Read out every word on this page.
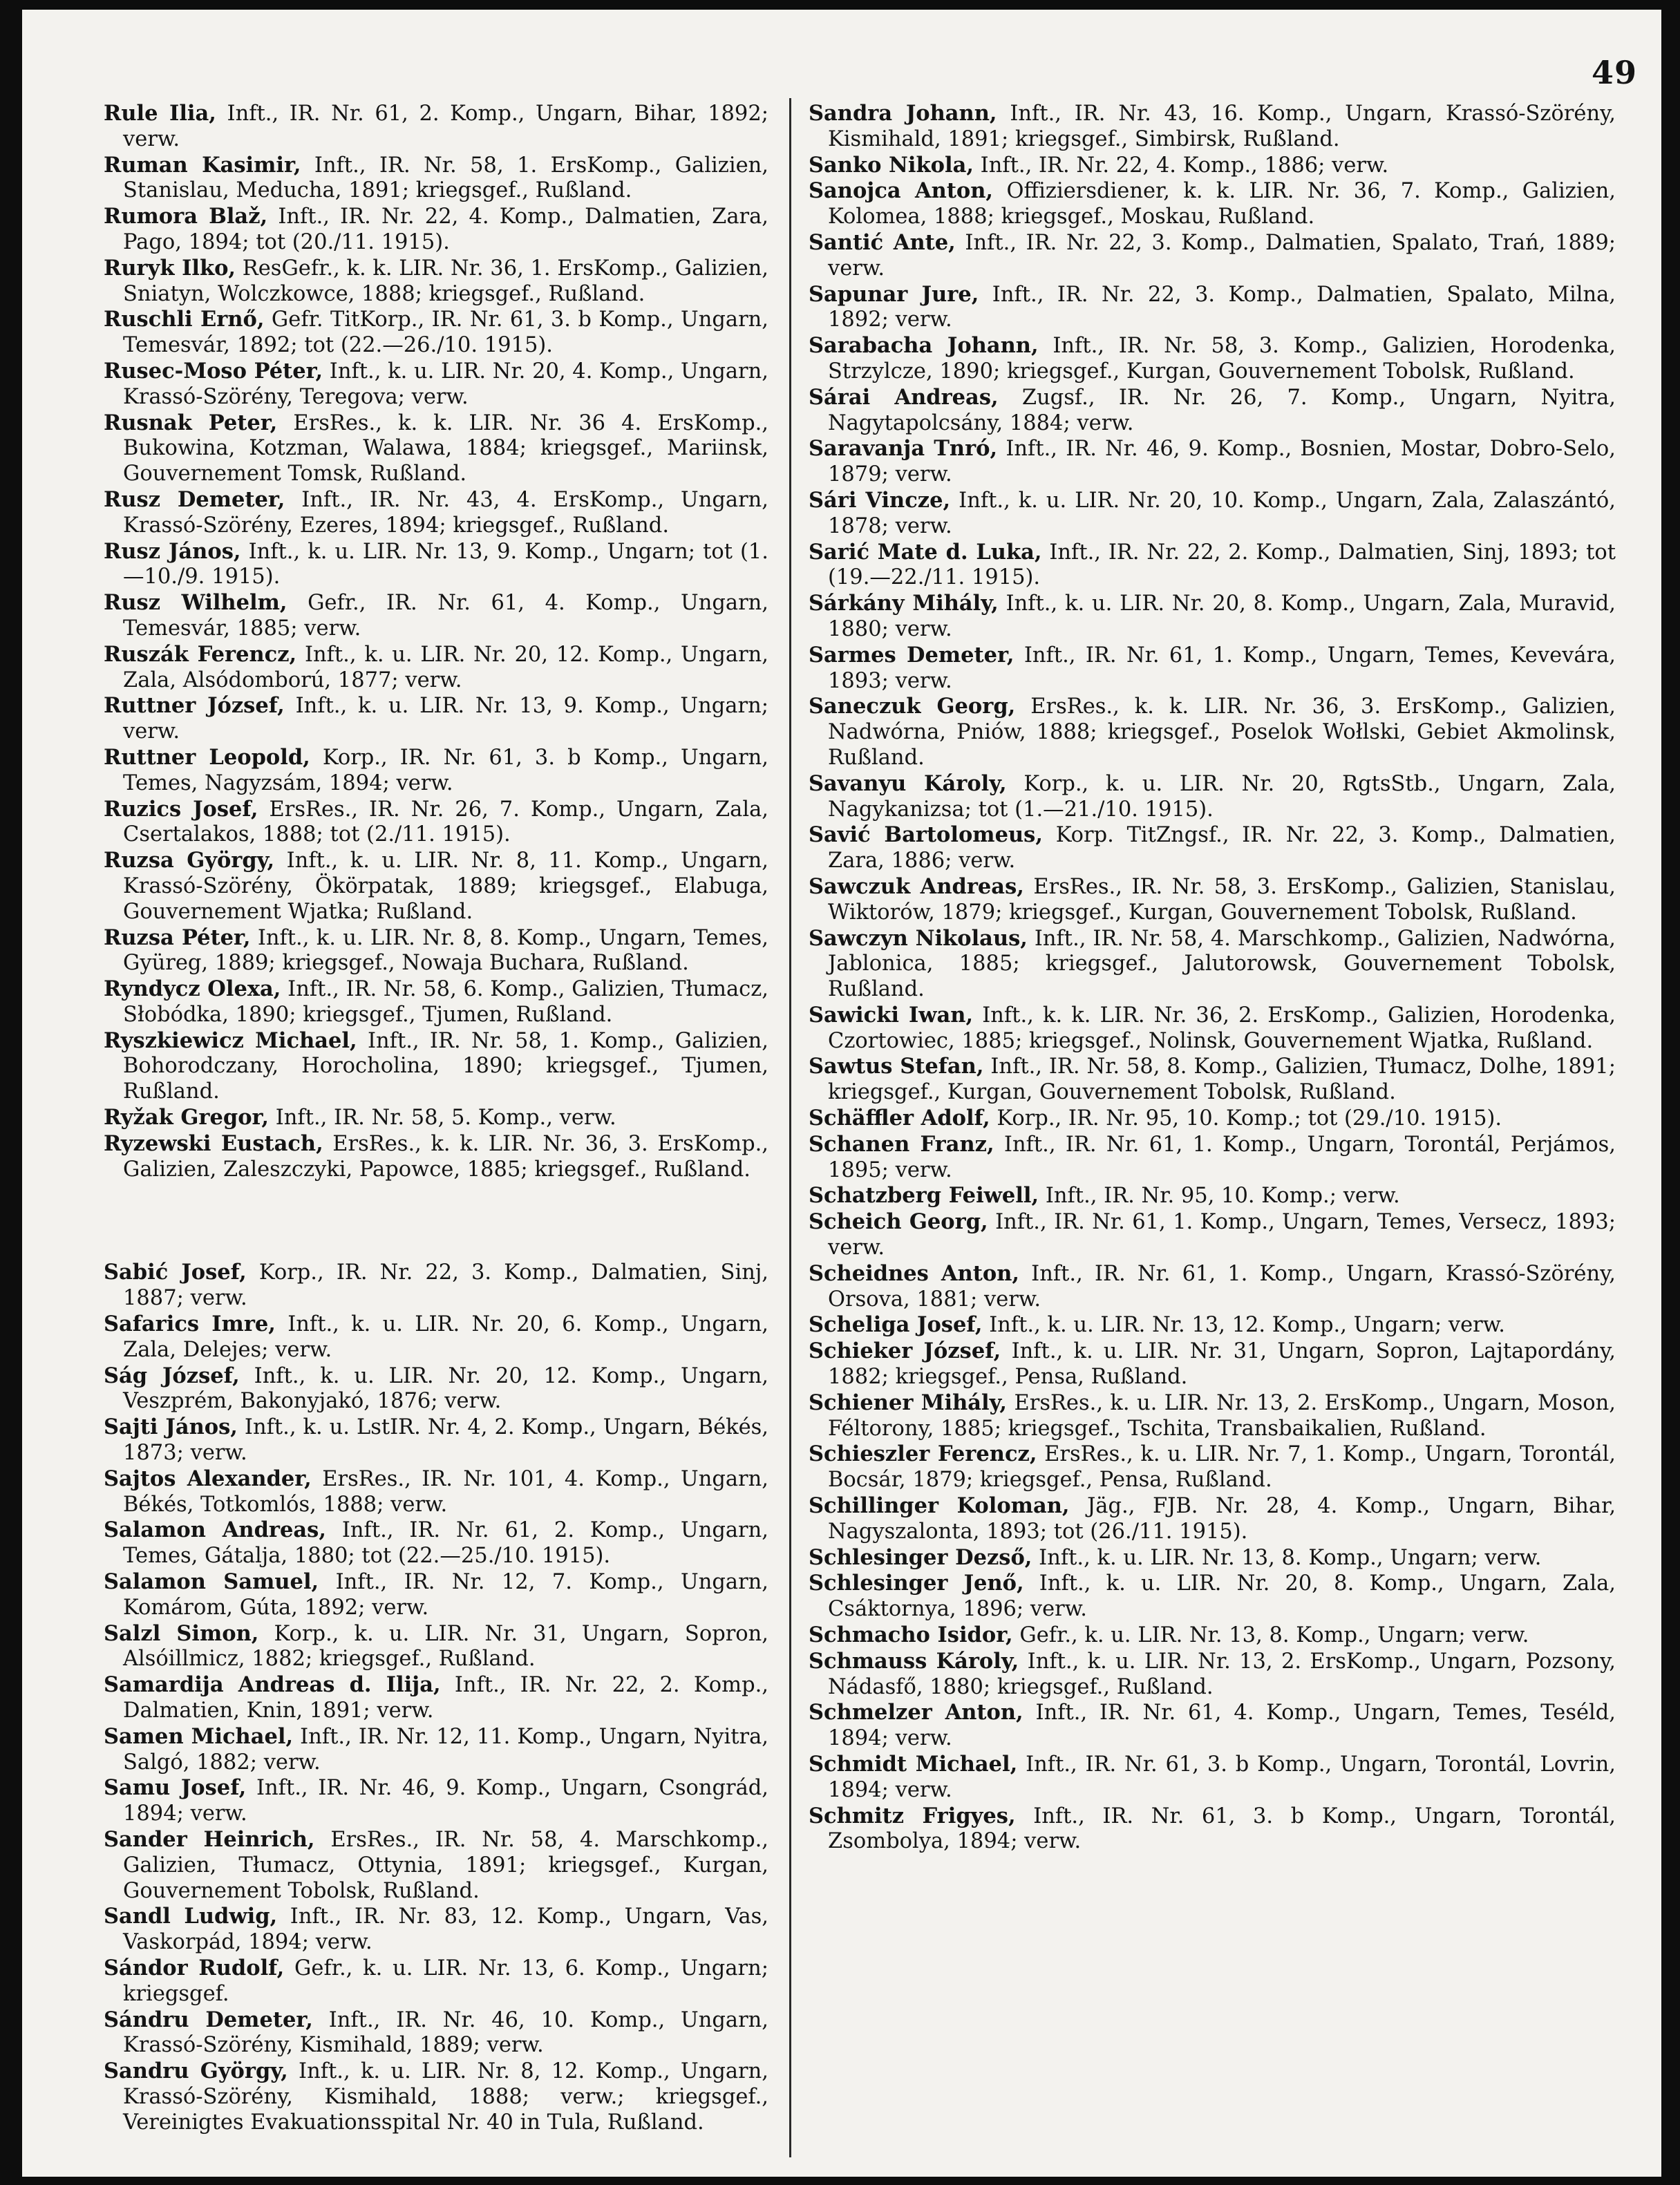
49

Rule Ilia, Inft., IR. Nr. 61, 2. Komp., Ungarn, Bihar, 1892; verw.

Ruman Kasimir, Inft., IR. Nr. 58, 1. ErsKomp., Galizien, Stanislau, Meducha, 1891; kriegsgef., Rußland.

Rumora Blaž, Inft., IR. Nr. 22, 4. Komp., Dalmatien, Zara, Pago, 1894; tot (20./11. 1915).

Ruryk Ilko, ResGefr., k. k. LIR. Nr. 36, 1. ErsKomp., Galizien, Sniatyn, Wolczkowce, 1888; kriegsgef., Rußland.

Ruschli Ernő, Gefr. TitKorp., IR. Nr. 61, 3. b Komp., Ungarn, Temesvár, 1892; tot (22.—26./10. 1915).

Rusec-Moso Péter, Inft., k. u. LIR. Nr. 20, 4. Komp., Ungarn, Krassó-Szörény, Teregova; verw.

Rusnak Peter, ErsRes., k. k. LIR. Nr. 36 4. ErsKomp., Bukowina, Kotzman, Walawa, 1884; kriegsgef., Mariinsk, Gouvernement Tomsk, Rußland.

Rusz Demeter, Inft., IR. Nr. 43, 4. ErsKomp., Ungarn, Krassó-Szörény, Ezeres, 1894; kriegsgef., Rußland.

Rusz János, Inft., k. u. LIR. Nr. 13, 9. Komp., Ungarn; tot (1.—10./9. 1915).

Rusz Wilhelm, Gefr., IR. Nr. 61, 4. Komp., Ungarn, Temesvár, 1885; verw.

Ruszák Ferencz, Inft., k. u. LIR. Nr. 20, 12. Komp., Ungarn, Zala, Alsódomború, 1877; verw.

Ruttner József, Inft., k. u. LIR. Nr. 13, 9. Komp., Ungarn; verw.

Ruttner Leopold, Korp., IR. Nr. 61, 3. b Komp., Ungarn, Temes, Nagyzsám, 1894; verw.

Ruzics Josef, ErsRes., IR. Nr. 26, 7. Komp., Ungarn, Zala, Csertalakos, 1888; tot (2./11. 1915).

Ruzsa György, Inft., k. u. LIR. Nr. 8, 11. Komp., Ungarn, Krassó-Szörény, Ökörpatak, 1889; kriegsgef., Elabuga, Gouvernement Wjatka; Rußland.

Ruzsa Péter, Inft., k. u. LIR. Nr. 8, 8. Komp., Ungarn, Temes, Gyüreg, 1889; kriegsgef., Nowaja Buchara, Rußland.

Ryndycz Olexa, Inft., IR. Nr. 58, 6. Komp., Galizien, Tłumacz, Słobódka, 1890; kriegsgef., Tjumen, Rußland.

Ryszkiewicz Michael, Inft., IR. Nr. 58, 1. Komp., Galizien, Bohorodczany, Horocholina, 1890; kriegsgef., Tjumen, Rußland.

Ryžak Gregor, Inft., IR. Nr. 58, 5. Komp., verw.

Ryzewski Eustach, ErsRes., k. k. LIR. Nr. 36, 3. ErsKomp., Galizien, Zaleszczyki, Papowce, 1885; kriegsgef., Rußland.

Sabić Josef, Korp., IR. Nr. 22, 3. Komp., Dalmatien, Sinj, 1887; verw.

Safarics Imre, Inft., k. u. LIR. Nr. 20, 6. Komp., Ungarn, Zala, Delejes; verw.

Ság József, Inft., k. u. LIR. Nr. 20, 12. Komp., Ungarn, Veszprém, Bakonyjakó, 1876; verw.

Sajti János, Inft., k. u. LstIR. Nr. 4, 2. Komp., Ungarn, Békés, 1873; verw.

Sajtos Alexander, ErsRes., IR. Nr. 101, 4. Komp., Ungarn, Békés, Totkomlós, 1888; verw.

Salamon Andreas, Inft., IR. Nr. 61, 2. Komp., Ungarn, Temes, Gátalja, 1880; tot (22.—25./10. 1915).

Salamon Samuel, Inft., IR. Nr. 12, 7. Komp., Ungarn, Komárom, Gúta, 1892; verw.

Salzl Simon, Korp., k. u. LIR. Nr. 31, Ungarn, Sopron, Alsóillmicz, 1882; kriegsgef., Rußland.

Samardija Andreas d. Ilija, Inft., IR. Nr. 22, 2. Komp., Dalmatien, Knin, 1891; verw.

Samen Michael, Inft., IR. Nr. 12, 11. Komp., Ungarn, Nyitra, Salgó, 1882; verw.

Samu Josef, Inft., IR. Nr. 46, 9. Komp., Ungarn, Csongrád, 1894; verw.

Sander Heinrich, ErsRes., IR. Nr. 58, 4. Marschkomp., Galizien, Tłumacz, Ottynia, 1891; kriegsgef., Kurgan, Gouvernement Tobolsk, Rußland.

Sandl Ludwig, Inft., IR. Nr. 83, 12. Komp., Ungarn, Vas, Vaskorpád, 1894; verw.

Sándor Rudolf, Gefr., k. u. LIR. Nr. 13, 6. Komp., Ungarn; kriegsgef.

Sándru Demeter, Inft., IR. Nr. 46, 10. Komp., Ungarn, Krassó-Szörény, Kismihald, 1889; verw.

Sandru György, Inft., k. u. LIR. Nr. 8, 12. Komp., Ungarn, Krassó-Szörény, Kismihald, 1888; verw.; kriegsgef., Vereinigtes Evakuationsspital Nr. 40 in Tula, Rußland.

Sandra Johann, Inft., IR. Nr. 43, 16. Komp., Ungarn, Krassó-Szörény, Kismihald, 1891; kriegsgef., Simbirsk, Rußland.

Sanko Nikola, Inft., IR. Nr. 22, 4. Komp., 1886; verw.

Sanojca Anton, Offiziersdiener, k. k. LIR. Nr. 36, 7. Komp., Galizien, Kolomea, 1888; kriegsgef., Moskau, Rußland.

Santić Ante, Inft., IR. Nr. 22, 3. Komp., Dalmatien, Spalato, Trań, 1889; verw.

Sapunar Jure, Inft., IR. Nr. 22, 3. Komp., Dalmatien, Spalato, Milna, 1892; verw.

Sarabacha Johann, Inft., IR. Nr. 58, 3. Komp., Galizien, Horodenka, Strzylcze, 1890; kriegsgef., Kurgan, Gouvernement Tobolsk, Rußland.

Sárai Andreas, Zugsf., IR. Nr. 26, 7. Komp., Ungarn, Nyitra, Nagytapolcsány, 1884; verw.

Saravanja Tnró, Inft., IR. Nr. 46, 9. Komp., Bosnien, Mostar, Dobro-Selo, 1879; verw.

Sári Vincze, Inft., k. u. LIR. Nr. 20, 10. Komp., Ungarn, Zala, Zalaszántó, 1878; verw.

Sarić Mate d. Luka, Inft., IR. Nr. 22, 2. Komp., Dalmatien, Sinj, 1893; tot (19.—22./11. 1915).

Sárkány Mihály, Inft., k. u. LIR. Nr. 20, 8. Komp., Ungarn, Zala, Muravid, 1880; verw.

Sarmes Demeter, Inft., IR. Nr. 61, 1. Komp., Ungarn, Temes, Kevevára, 1893; verw.

Saneczuk Georg, ErsRes., k. k. LIR. Nr. 36, 3. ErsKomp., Galizien, Nadwórna, Pniów, 1888; kriegsgef., Poselok Wołlski, Gebiet Akmolinsk, Rußland.

Savanyu Károly, Korp., k. u. LIR. Nr. 20, RgtsStb., Ungarn, Zala, Nagykanizsa; tot (1.—21./10. 1915).

Savić Bartolomeus, Korp. TitZngsf., IR. Nr. 22, 3. Komp., Dalmatien, Zara, 1886; verw.

Sawczuk Andreas, ErsRes., IR. Nr. 58, 3. ErsKomp., Galizien, Stanislau, Wiktorów, 1879; kriegsgef., Kurgan, Gouvernement Tobolsk, Rußland.

Sawczyn Nikolaus, Inft., IR. Nr. 58, 4. Marschkomp., Galizien, Nadwórna, Jablonica, 1885; kriegsgef., Jalutorowsk, Gouvernement Tobolsk, Rußland.

Sawicki Iwan, Inft., k. k. LIR. Nr. 36, 2. ErsKomp., Galizien, Horodenka, Czortowiec, 1885; kriegsgef., Nolinsk, Gouvernement Wjatka, Rußland.

Sawtus Stefan, Inft., IR. Nr. 58, 8. Komp., Galizien, Tłumacz, Dolhe, 1891; kriegsgef., Kurgan, Gouvernement Tobolsk, Rußland.

Schäffler Adolf, Korp., IR. Nr. 95, 10. Komp.; tot (29./10. 1915).

Schanen Franz, Inft., IR. Nr. 61, 1. Komp., Ungarn, Torontál, Perjámos, 1895; verw.

Schatzberg Feiwell, Inft., IR. Nr. 95, 10. Komp.; verw.

Scheich Georg, Inft., IR. Nr. 61, 1. Komp., Ungarn, Temes, Versecz, 1893; verw.

Scheidnes Anton, Inft., IR. Nr. 61, 1. Komp., Ungarn, Krassó-Szörény, Orsova, 1881; verw.

Scheliga Josef, Inft., k. u. LIR. Nr. 13, 12. Komp., Ungarn; verw.

Schieker József, Inft., k. u. LIR. Nr. 31, Ungarn, Sopron, Lajtapordány, 1882; kriegsgef., Pensa, Rußland.

Schiener Mihály, ErsRes., k. u. LIR. Nr. 13, 2. ErsKomp., Ungarn, Moson, Féltorony, 1885; kriegsgef., Tschita, Transbaikalien, Rußland.

Schieszler Ferencz, ErsRes., k. u. LIR. Nr. 7, 1. Komp., Ungarn, Torontál, Bocsár, 1879; kriegsgef., Pensa, Rußland.

Schillinger Koloman, Jäg., FJB. Nr. 28, 4. Komp., Ungarn, Bihar, Nagyszalonta, 1893; tot (26./11. 1915).

Schlesinger Dezső, Inft., k. u. LIR. Nr. 13, 8. Komp., Ungarn; verw.

Schlesinger Jenő, Inft., k. u. LIR. Nr. 20, 8. Komp., Ungarn, Zala, Csáktornya, 1896; verw.

Schmacho Isidor, Gefr., k. u. LIR. Nr. 13, 8. Komp., Ungarn; verw.

Schmauss Károly, Inft., k. u. LIR. Nr. 13, 2. ErsKomp., Ungarn, Pozsony, Nádasfő, 1880; kriegsgef., Rußland.

Schmelzer Anton, Inft., IR. Nr. 61, 4. Komp., Ungarn, Temes, Teséld, 1894; verw.

Schmidt Michael, Inft., IR. Nr. 61, 3. b Komp., Ungarn, Torontál, Lovrin, 1894; verw.

Schmitz Frigyes, Inft., IR. Nr. 61, 3. b Komp., Ungarn, Torontál, Zsombolya, 1894; verw.
